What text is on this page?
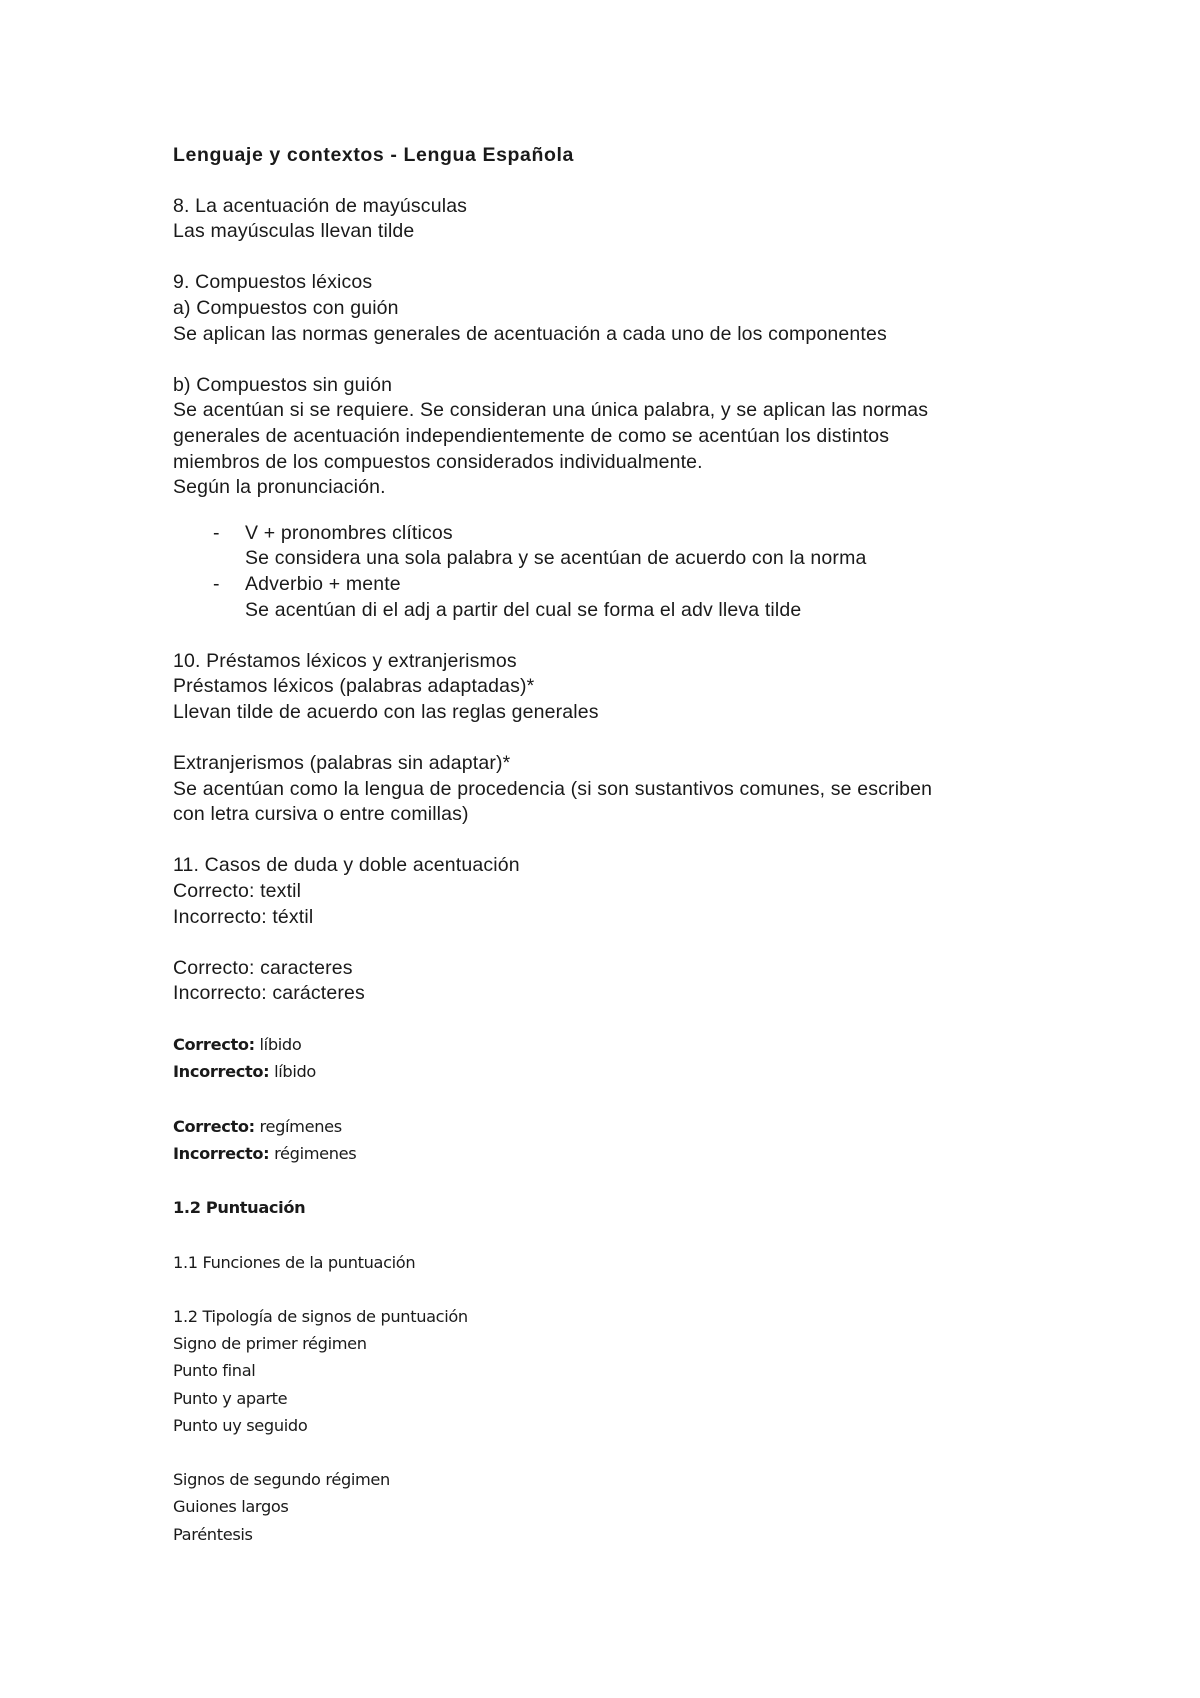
Lenguaje y contextos - Lengua Española
8. La acentuación de mayúsculas
Las mayúsculas llevan tilde
9. Compuestos léxicos
a) Compuestos con guión
Se aplican las normas generales de acentuación a cada uno de los componentes
b) Compuestos sin guión
Se acentúan si se requiere. Se consideran una única palabra, y se aplican las normas
generales de acentuación independientemente de como se acentúan los distintos
miembros de los compuestos considerados individualmente.
Según la pronunciación.
- V + pronombres clíticos
Se considera una sola palabra y se acentúan de acuerdo con la norma
- Adverbio + mente
Se acentúan di el adj a partir del cual se forma el adv lleva tilde
10. Préstamos léxicos y extranjerismos
Préstamos léxicos (palabras adaptadas)*
Llevan tilde de acuerdo con las reglas generales
Extranjerismos (palabras sin adaptar)*
Se acentúan como la lengua de procedencia (si son sustantivos comunes, se escriben
con letra cursiva o entre comillas)
11. Casos de duda y doble acentuación
Correcto: textil
Incorrecto: téxtil
Correcto: caracteres
Incorrecto: carácteres
Correcto: líbido
Incorrecto: líbido
Correcto: regímenes
Incorrecto: régimenes
1.2 Puntuación
1.1 Funciones de la puntuación
1.2 Tipología de signos de puntuación
Signo de primer régimen
Punto final
Punto y aparte
Punto uy seguido
Signos de segundo régimen
Guiones largos
Paréntesis
